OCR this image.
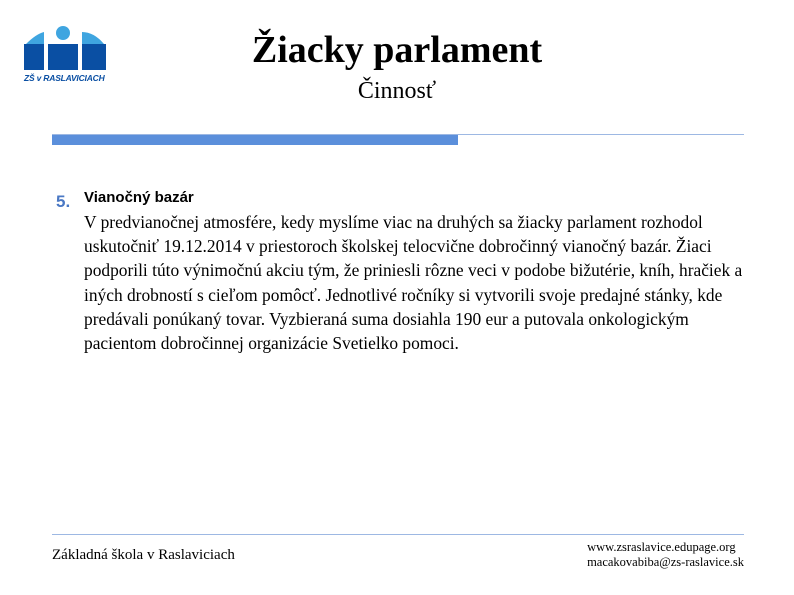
ZŠ v RASLAVICIACH
Žiacky parlament
Činnosť
5. Vianočný bazár
V predvianočnej atmosfére, kedy myslíme viac na druhých sa žiacky parlament rozhodol uskutočniť 19.12.2014 v priestoroch školskej telocvične dobročinný vianočný bazár. Žiaci podporili túto výnimočnú akciu tým, že priniesli rôzne veci v podobe bižutérie, kníh, hračiek a iných drobností s cieľom pomôcť. Jednotlivé ročníky si vytvorili svoje predajné stánky, kde predávali ponúkaný tovar. Vyzbieraná suma dosiahla 190 eur a putovala onkologickým pacientom dobročinnej organizácie Svetielko pomoci.
Základná škola v Raslaviciach	www.zsraslavice.edupage.org
macakovabiba@zs-raslavice.sk
